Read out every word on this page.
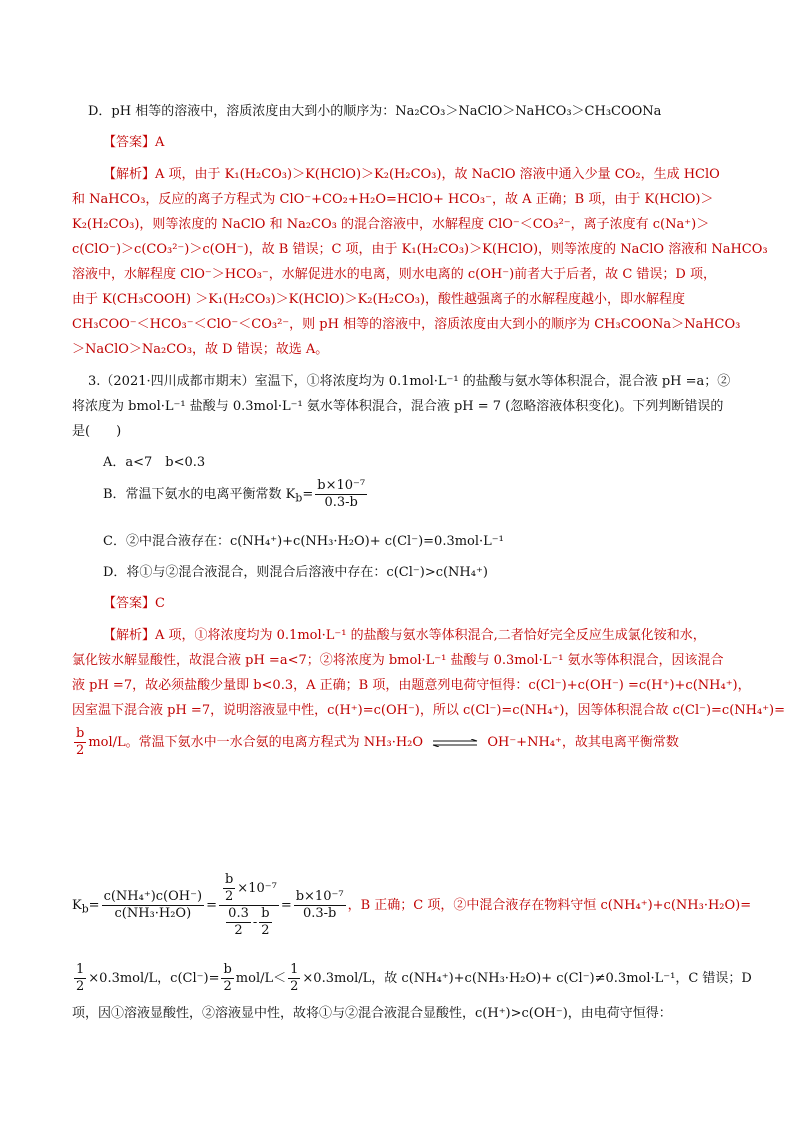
D．pH 相等的溶液中，溶质浓度由大到小的顺序为：Na₂CO₃＞NaClO＞NaHCO₃＞CH₃COONa
【答案】A
【解析】A 项，由于 K₁(H₂CO₃)＞K(HClO)＞K₂(H₂CO₃)，故 NaClO 溶液中通入少量 CO₂，生成 HClO
和 NaHCO₃，反应的离子方程式为 ClO⁻+CO₂+H₂O=HClO+ HCO₃⁻，故 A 正确；B 项，由于 K(HClO)＞
K₂(H₂CO₃)，则等浓度的 NaClO 和 Na₂CO₃ 的混合溶液中，水解程度 ClO⁻＜CO₃²⁻，离子浓度有 c(Na⁺)＞
c(ClO⁻)＞c(CO₃²⁻)＞c(OH⁻)，故 B 错误；C 项，由于 K₁(H₂CO₃)＞K(HClO)，则等浓度的 NaClO 溶液和 NaHCO₃
溶液中，水解程度 ClO⁻＞HCO₃⁻，水解促进水的电离，则水电离的 c(OH⁻)前者大于后者，故 C 错误；D 项，
由于 K(CH₃COOH) ＞K₁(H₂CO₃)＞K(HClO)＞K₂(H₂CO₃)，酸性越强离子的水解程度越小，即水解程度
CH₃COO⁻＜HCO₃⁻＜ClO⁻＜CO₃²⁻，则 pH 相等的溶液中，溶质浓度由大到小的顺序为 CH₃COONa＞NaHCO₃
＞NaClO＞Na₂CO₃，故 D 错误；故选 A。
3.（2021·四川成都市期末）室温下，①将浓度均为 0.1mol·L⁻¹ 的盐酸与氨水等体积混合，混合液 pH =a；②
将浓度为 bmol·L⁻¹ 盐酸与 0.3mol·L⁻¹ 氨水等体积混合，混合液 pH = 7 (忽略溶液体积变化)。下列判断错误的
是(　　)
A．a<7　b<0.3
B．常温下氨水的电离平衡常数 $K_b= \frac{\text{b×10⁻⁷}}{0.3-b}$
C．②中混合液存在：c(NH₄⁺)+c(NH₃·H₂O)+ c(Cl⁻)=0.3mol·L⁻¹
D．将①与②混合液混合，则混合后溶液中存在：c(Cl⁻)>c(NH₄⁺)
【答案】C
【解析】A 项，①将浓度均为 0.1mol·L⁻¹ 的盐酸与氨水等体积混合,二者恰好完全反应生成氯化铵和水，
氯化铵水解显酸性，故混合液 pH =a<7；②将浓度为 bmol·L⁻¹ 盐酸与 0.3mol·L⁻¹ 氨水等体积混合，因该混合
液 pH =7，故必须盐酸少量即 b<0.3，A 正确；B 项，由题意列电荷守恒得：c(Cl⁻)+c(OH⁻) =c(H⁺)+c(NH₄⁺)，
因室温下混合液 pH =7，说明溶液显中性，c(H⁺)=c(OH⁻)，所以 c(Cl⁻)=c(NH₄⁺)，因等体积混合故 c(Cl⁻)=c(NH₄⁺)=
$\frac{b}{2} mol/L$。常温下氨水中一水合氨的电离方程式为 NH₃·H₂O ⇌ OH⁻+NH₄⁺，故其电离平衡常数
$K_b= \frac{\text{c(NH₄⁺)c(OH⁻)}}{\text{c(NH₃·H₂O)}} = \frac{\frac{b}{2} \times 10^{-7}}{\frac{0.3}{2} - \frac{b}{2}} = \frac{\text{b×10⁻⁷}}{0.3-b}$ ，B 正确；C 项，②中混合液存在物料守恒 c(NH₄⁺)+c(NH₃·H₂O)=
$\frac{1}{2} \times 0.3mol/L$，$c(Cl^-)= \frac{b}{2} mol/L< \frac{1}{2} \times 0.3mol/L$，故 c(NH₄⁺)+c(NH₃·H₂O)+ c(Cl⁻)≠0.3mol·L⁻¹，C 错误；D
项，因①溶液显酸性，②溶液显中性，故将①与②混合液混合显酸性，c(H⁺)>c(OH⁻)，由电荷守恒得：
